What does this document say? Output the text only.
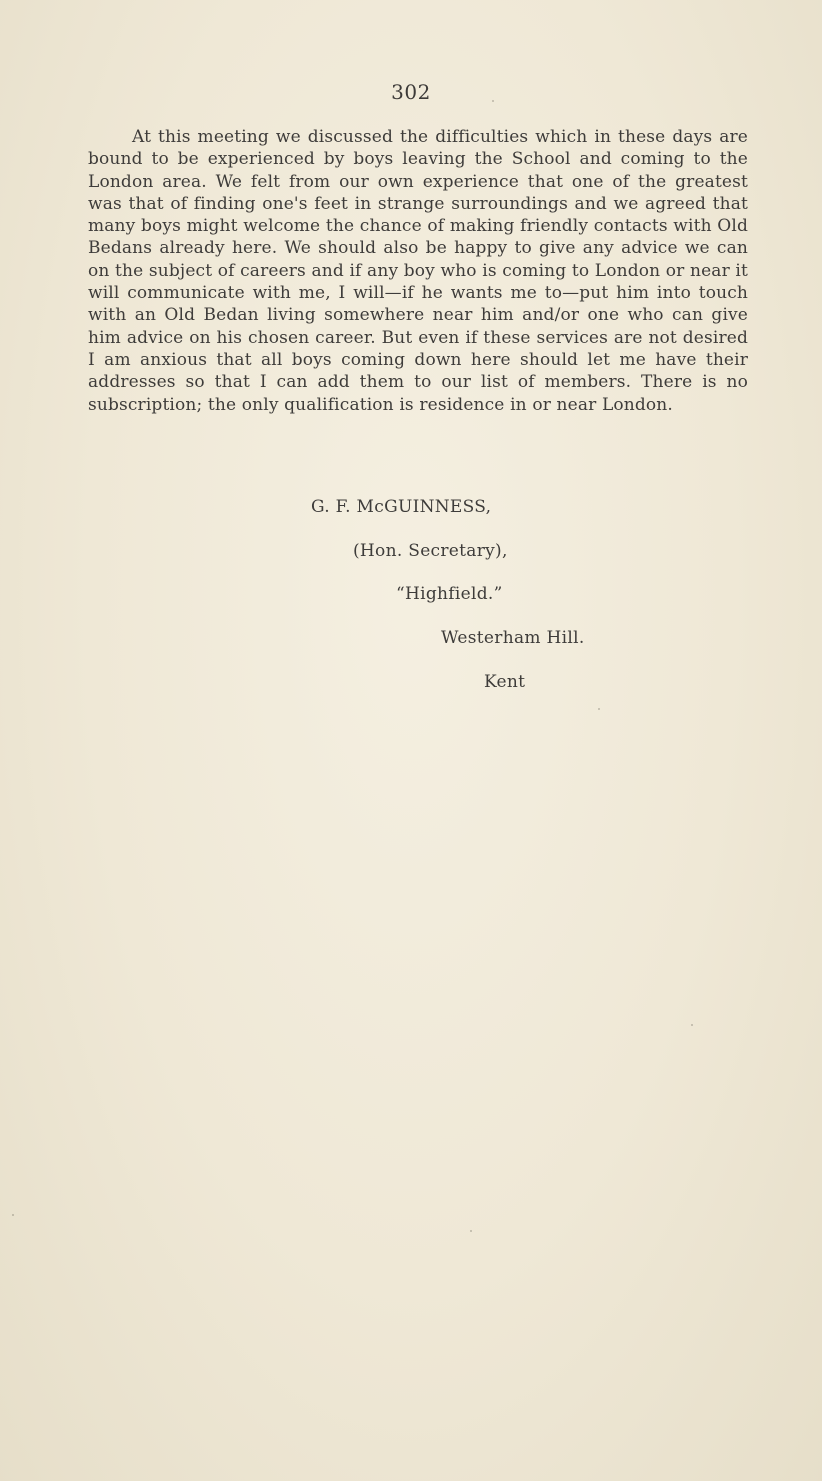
302

At this meeting we discussed the difficulties which in these days are bound to be experienced by boys leaving the School and coming to the London area. We felt from our own experience that one of the greatest was that of finding one's feet in strange surroundings and we agreed that many boys might welcome the chance of making friendly contacts with Old Bedans already here. We should also be happy to give any advice we can on the subject of careers and if any boy who is coming to London or near it will communicate with me, I will—if he wants me to—put him into touch with an Old Bedan living somewhere near him and/or one who can give him advice on his chosen career. But even if these services are not desired I am anxious that all boys coming down here should let me have their addresses so that I can add them to our list of members. There is no subscription; the only qualification is residence in or near London.

G. F. McGUINNESS,
(Hon. Secretary),
“Highfield.”
Westerham Hill.
Kent
